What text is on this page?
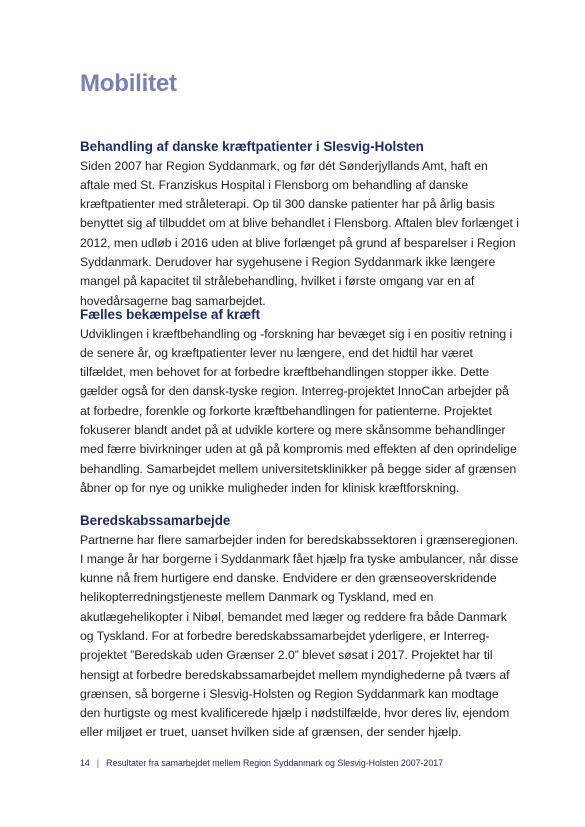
Mobilitet
Behandling af danske kræftpatienter i Slesvig-Holsten

Siden 2007 har Region Syddanmark, og før dét Sønderjyllands Amt, haft en aftale med St. Franziskus Hospital i Flensborg om behandling af danske kræftpatienter med stråleterapi. Op til 300 danske patienter har på årlig basis benyttet sig af tilbuddet om at blive behandlet i Flensborg. Aftalen blev forlænget i 2012, men udløb i 2016 uden at blive forlænget på grund af besparelser i Region Syddanmark. Derudover har sygehusene i Region Syddanmark ikke længere mangel på kapacitet til strålebehandling, hvilket i første omgang var en af hovedårsagerne bag samarbejdet.

Fælles bekæmpelse af kræft

Udviklingen i kræftbehandling og -forskning har bevæget sig i en positiv retning i de senere år, og kræftpatienter lever nu længere, end det hidtil har været tilfældet, men behovet for at forbedre kræftbehandlingen stopper ikke. Dette gælder også for den dansk-tyske region. Interreg-projektet InnoCan arbejder på at forbedre, forenkle og forkorte kræftbehandlingen for patienterne. Projektet fokuserer blandt andet på at udvikle kortere og mere skånsomme behandlinger med færre bivirkninger uden at gå på kompromis med effekten af den oprindelige behandling. Samarbejdet mellem universitetsklinikker på begge sider af grænsen åbner op for nye og unikke muligheder inden for klinisk kræftforskning.

Beredskabssamarbejde

Partnerne har flere samarbejder inden for beredskabssektoren i grænseregionen. I mange år har borgerne i Syddanmark fået hjælp fra tyske ambulancer, når disse kunne nå frem hurtigere end danske. Endvidere er den grænseoverskridende helikopterredningstjeneste mellem Danmark og Tyskland, med en akutlægehelikopter i Nibøl, bemandet med læger og reddere fra både Danmark og Tyskland. For at forbedre beredskabssamarbejdet yderligere, er Interreg-projektet ”Beredskab uden Grænser 2.0” blevet søsat i 2017. Projektet har til hensigt at forbedre beredskabssamarbejdet mellem myndighederne på tværs af grænsen, så borgerne i Slesvig-Holsten og Region Syddanmark kan modtage den hurtigste og mest kvalificerede hjælp i nødstilfælde, hvor deres liv, ejendom eller miljøet er truet, uanset hvilken side af grænsen, der sender hjælp.

14 | Resultater fra samarbejdet mellem Region Syddanmark og Slesvig-Holsten 2007-2017
